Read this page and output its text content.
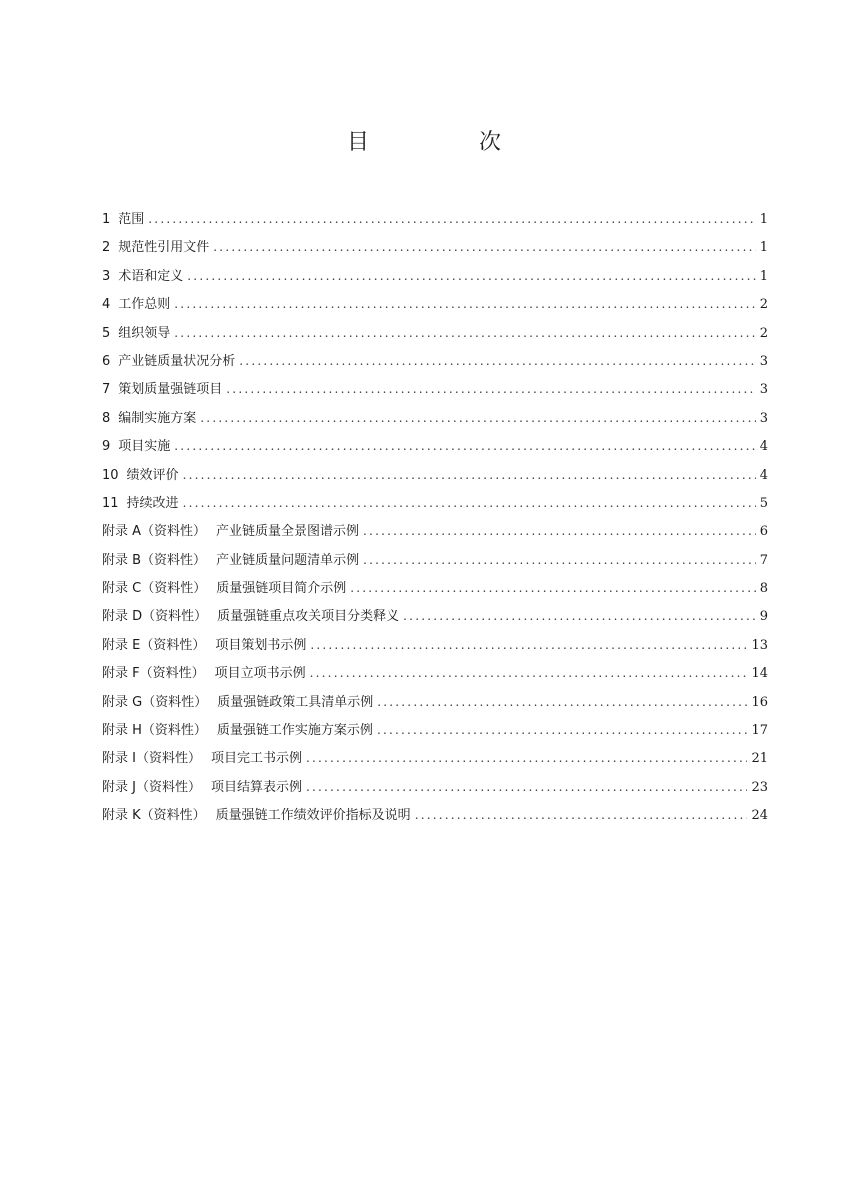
目　次
1 范围 .....	1
2 规范性引用文件 .....	1
3 术语和定义 .....	1
4 工作总则 .....	2
5 组织领导 .....	2
6 产业链质量状况分析 .....	3
7 策划质量强链项目 .....	3
8 编制实施方案 .....	3
9 项目实施 .....	4
10 绩效评价 .....	4
11 持续改进 .....	5
附录 A（资料性） 产业链质量全景图谱示例 .....	6
附录 B（资料性） 产业链质量问题清单示例 .....	7
附录 C（资料性） 质量强链项目简介示例 .....	8
附录 D（资料性） 质量强链重点攻关项目分类释义 .....	9
附录 E（资料性） 项目策划书示例 .....	13
附录 F（资料性） 项目立项书示例 .....	14
附录 G（资料性） 质量强链政策工具清单示例 .....	16
附录 H（资料性） 质量强链工作实施方案示例 .....	17
附录 I（资料性） 项目完工书示例 .....	21
附录 J（资料性） 项目结算表示例 .....	23
附录 K（资料性） 质量强链工作绩效评价指标及说明 .....	24
